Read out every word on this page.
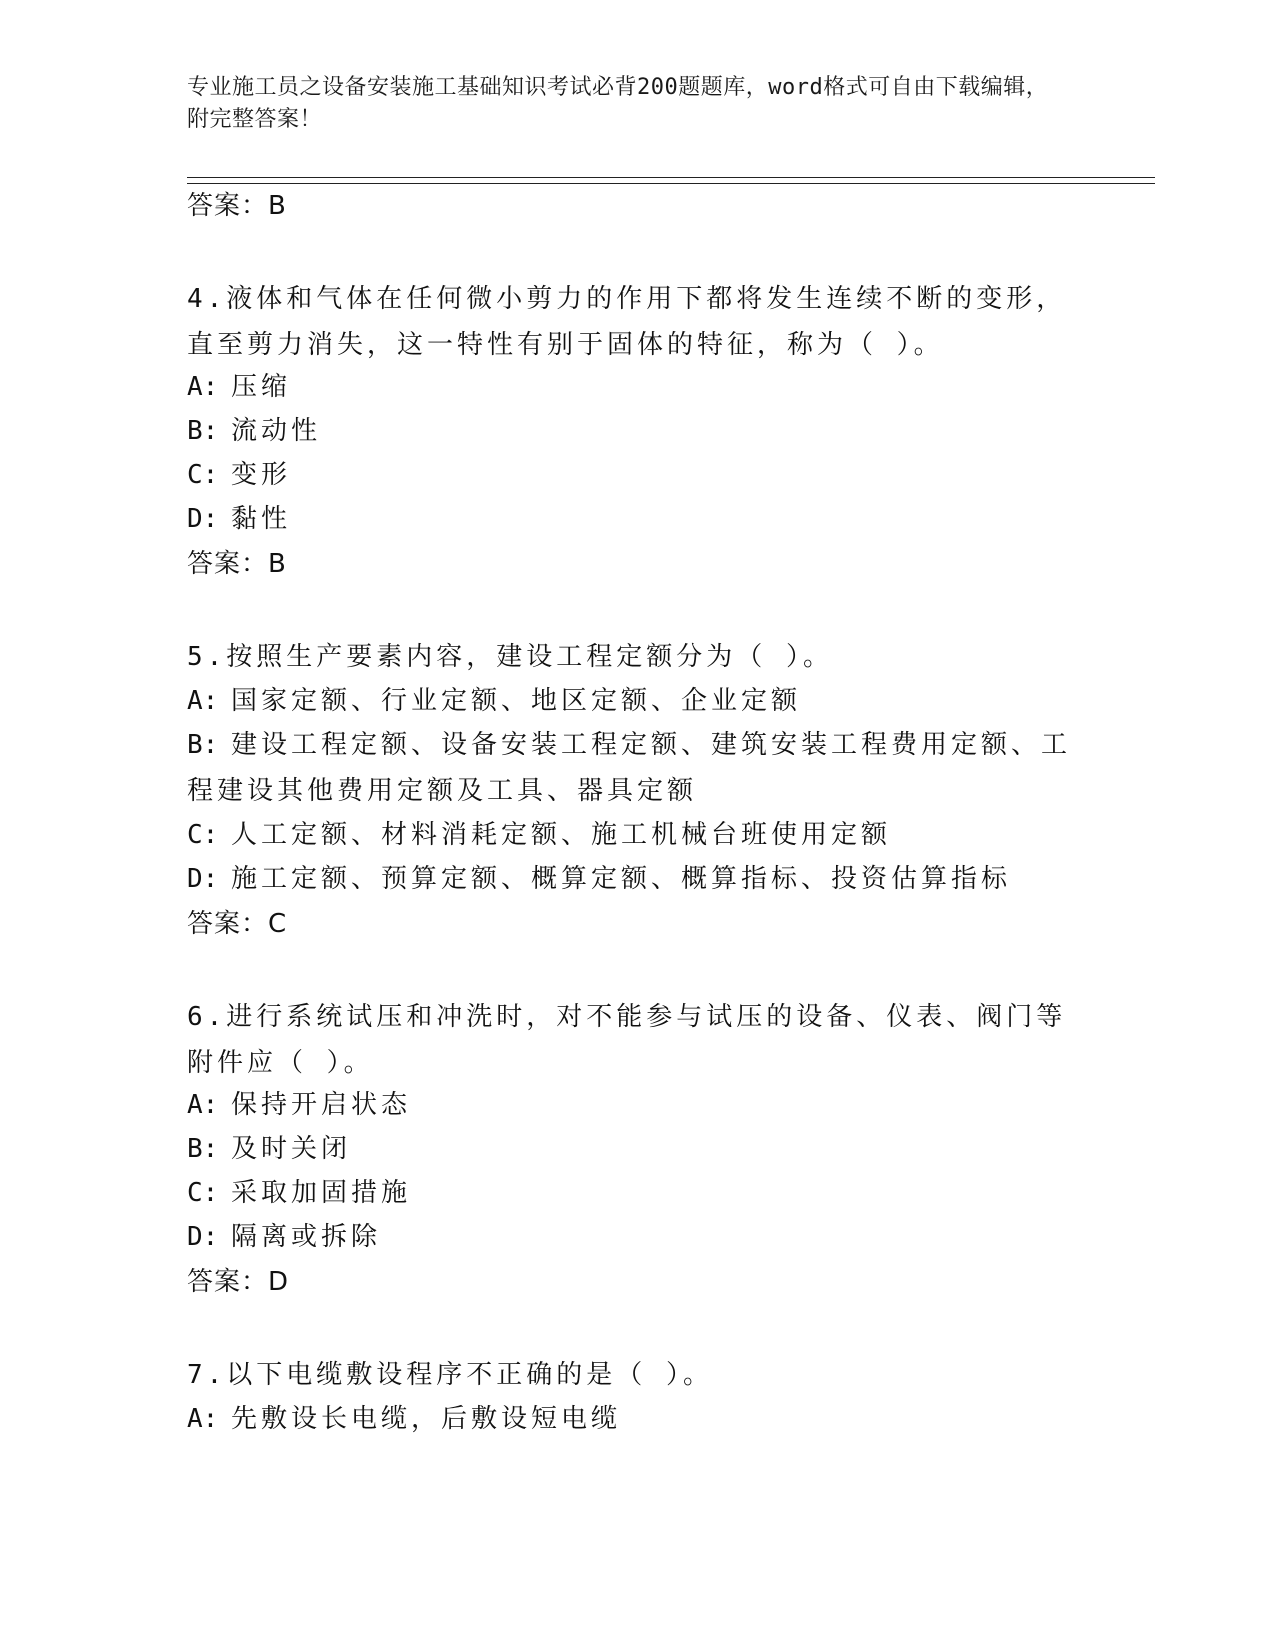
专业施工员之设备安装施工基础知识考试必背200题题库，word格式可自由下载编辑，附完整答案！
答案：B
4.液体和气体在任何微小剪力的作用下都将发生连续不断的变形，直至剪力消失，这一特性有别于固体的特征，称为（ ）。
A: 压缩
B: 流动性
C: 变形
D: 黏性
答案：B
5.按照生产要素内容，建设工程定额分为（ ）。
A: 国家定额、行业定额、地区定额、企业定额
B: 建设工程定额、设备安装工程定额、建筑安装工程费用定额、工程建设其他费用定额及工具、器具定额
C: 人工定额、材料消耗定额、施工机械台班使用定额
D: 施工定额、预算定额、概算定额、概算指标、投资估算指标
答案：C
6.进行系统试压和冲洗时，对不能参与试压的设备、仪表、阀门等附件应（ ）。
A: 保持开启状态
B: 及时关闭
C: 采取加固措施
D: 隔离或拆除
答案：D
7.以下电缆敷设程序不正确的是（ ）。
A: 先敷设长电缆，后敷设短电缆
